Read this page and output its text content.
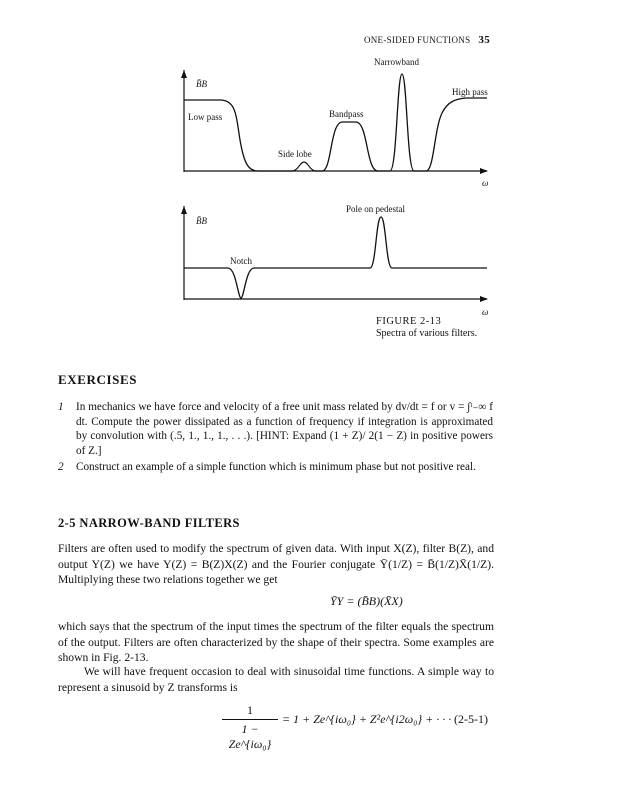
ONE-SIDED FUNCTIONS 35
B̄B
ω
Narrowband
High pass
Low pass	Bandpass
Side lobe
B̄B
ω
Pole on pedestal
Notch
FIGURE 2-13
Spectra of various filters.
EXERCISES
1 In mechanics we have force and velocity of a free unit mass related by dv/dt = f or v = ∫ᵗ₋∞ f dt. Compute the power dissipated as a function of frequency if integration is approximated by convolution with (.5, 1., 1., 1., . . .). [HINT: Expand (1 + Z)/ 2(1 − Z) in positive powers of Z.]
2 Construct an example of a simple function which is minimum phase but not positive real.
2-5 NARROW-BAND FILTERS

Filters are often used to modify the spectrum of given data. With input X(Z), filter B(Z), and output Y(Z) we have Y(Z) = B(Z)X(Z) and the Fourier conjugate Ȳ(1/Z) = B̄(1/Z)X̄(1/Z). Multiplying these two relations together we get

ȲY = (B̄B)(X̄X)

which says that the spectrum of the input times the spectrum of the filter equals the spectrum of the output. Filters are often characterized by the shape of their spectra. Some examples are shown in Fig. 2-13.

We will have frequent occasion to deal with sinusoidal time functions. A simple way to represent a sinusoid by Z transforms is

1
1 − Ze^{iω₀}
= 1 + Ze^{iω₀} + Z²e^{i2ω₀} + · · · (2-5-1)
